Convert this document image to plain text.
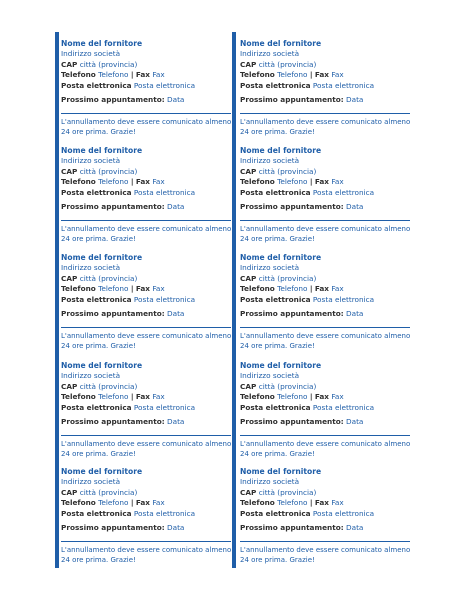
Nome del fornitore
Indirizzo società
CAP città (provincia)
Telefono Telefono | Fax Fax
Posta elettronica Posta elettronica
Prossimo appuntamento: Data
L'annullamento deve essere comunicato almeno 24 ore prima. Grazie!
Nome del fornitore
Indirizzo società
CAP città (provincia)
Telefono Telefono | Fax Fax
Posta elettronica Posta elettronica
Prossimo appuntamento: Data
L'annullamento deve essere comunicato almeno 24 ore prima. Grazie!
Nome del fornitore
Indirizzo società
CAP città (provincia)
Telefono Telefono | Fax Fax
Posta elettronica Posta elettronica
Prossimo appuntamento: Data
L'annullamento deve essere comunicato almeno 24 ore prima. Grazie!
Nome del fornitore
Indirizzo società
CAP città (provincia)
Telefono Telefono | Fax Fax
Posta elettronica Posta elettronica
Prossimo appuntamento: Data
L'annullamento deve essere comunicato almeno 24 ore prima. Grazie!
Nome del fornitore
Indirizzo società
CAP città (provincia)
Telefono Telefono | Fax Fax
Posta elettronica Posta elettronica
Prossimo appuntamento: Data
L'annullamento deve essere comunicato almeno 24 ore prima. Grazie!
Nome del fornitore
Indirizzo società
CAP città (provincia)
Telefono Telefono | Fax Fax
Posta elettronica Posta elettronica
Prossimo appuntamento: Data
L'annullamento deve essere comunicato almeno 24 ore prima. Grazie!
Nome del fornitore
Indirizzo società
CAP città (provincia)
Telefono Telefono | Fax Fax
Posta elettronica Posta elettronica
Prossimo appuntamento: Data
L'annullamento deve essere comunicato almeno 24 ore prima. Grazie!
Nome del fornitore
Indirizzo società
CAP città (provincia)
Telefono Telefono | Fax Fax
Posta elettronica Posta elettronica
Prossimo appuntamento: Data
L'annullamento deve essere comunicato almeno 24 ore prima. Grazie!
Nome del fornitore
Indirizzo società
CAP città (provincia)
Telefono Telefono | Fax Fax
Posta elettronica Posta elettronica
Prossimo appuntamento: Data
L'annullamento deve essere comunicato almeno 24 ore prima. Grazie!
Nome del fornitore
Indirizzo società
CAP città (provincia)
Telefono Telefono | Fax Fax
Posta elettronica Posta elettronica
Prossimo appuntamento: Data
L'annullamento deve essere comunicato almeno 24 ore prima. Grazie!
